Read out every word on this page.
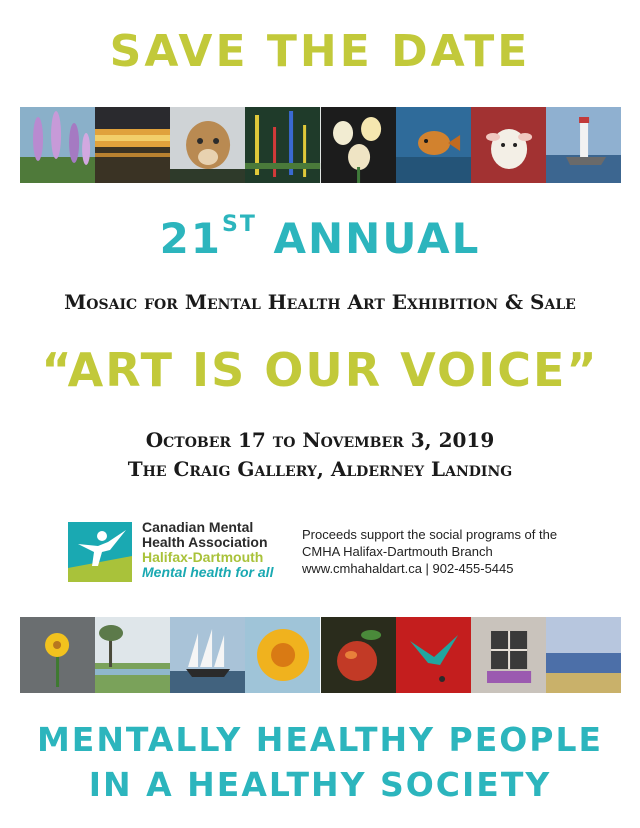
SAVE THE DATE
21ST ANNUAL
Mosaic for Mental Health Art Exhibition & Sale
“ART IS OUR VOICE”
October 17 to November 3, 2019
The Craig Gallery, Alderney Landing
Canadian Mental
Health Association
Halifax-Dartmouth
Mental health for all
Proceeds support the social programs of the
CMHA Halifax-Dartmouth Branch
www.cmhahaldart.ca | 902-455-5445
MENTALLY HEALTHY PEOPLE
IN A HEALTHY SOCIETY
